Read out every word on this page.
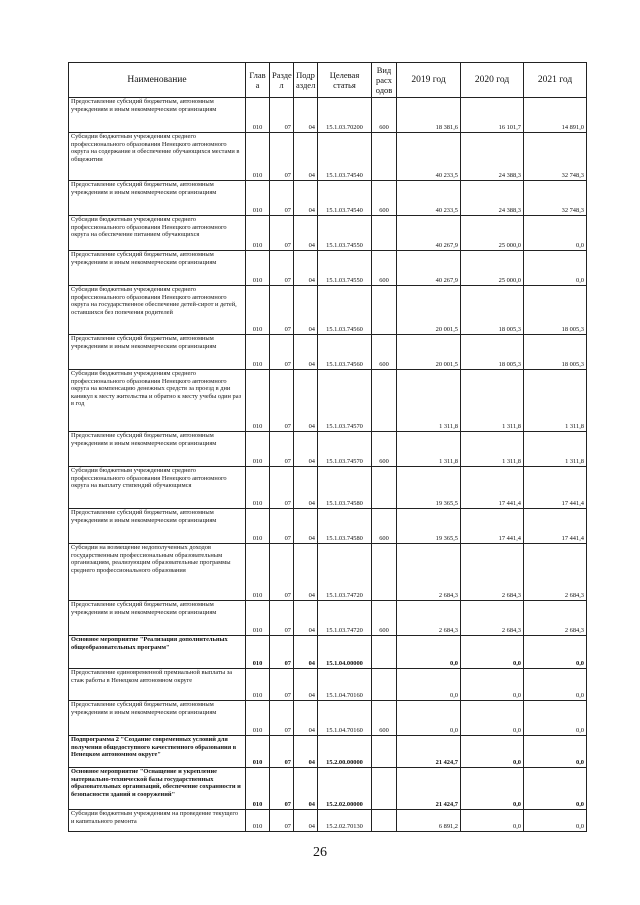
Наименование	Глав а	Разде л	Подр аздел	Целевая статья	Вид расх одов	2019 год	2020 год	2021 год
Предоставление субсидий бюджетным, автономным учреждениям и иным некоммерческим организациям	010	07	04	15.1.03.70200	600	18 381,6	16 101,7	14 891,0
Субсидии бюджетным учреждениям среднего профессионального образования Ненецкого автономного округа на содержание и обеспечение обучающихся местами в общежитии	010	07	04	15.1.03.74540		40 233,5	24 388,3	32 748,3
Предоставление субсидий бюджетным, автономным учреждениям и иным некоммерческим организациям	010	07	04	15.1.03.74540	600	40 233,5	24 388,3	32 748,3
Субсидии бюджетным учреждениям среднего профессионального образования Ненецкого автономного округа на обеспечение питанием обучающихся	010	07	04	15.1.03.74550		40 267,9	25 000,0	0,0
Предоставление субсидий бюджетным, автономным учреждениям и иным некоммерческим организациям	010	07	04	15.1.03.74550	600	40 267,9	25 000,0	0,0
Субсидии бюджетным учреждениям среднего профессионального образования Ненецкого автономного округа на государственное обеспечение детей-сирот и детей, оставшихся без попечения родителей	010	07	04	15.1.03.74560		20 001,5	18 005,3	18 005,3
Предоставление субсидий бюджетным, автономным учреждениям и иным некоммерческим организациям	010	07	04	15.1.03.74560	600	20 001,5	18 005,3	18 005,3
Субсидии бюджетным учреждениям среднего профессионального образования Ненецкого автономного округа на компенсацию денежных средств за проезд в дни каникул к месту жительства и обратно к месту учебы один раз в год	010	07	04	15.1.03.74570		1 311,8	1 311,8	1 311,8
Предоставление субсидий бюджетным, автономным учреждениям и иным некоммерческим организациям	010	07	04	15.1.03.74570	600	1 311,8	1 311,8	1 311,8
Субсидии бюджетным учреждениям среднего профессионального образования Ненецкого автономного округа на выплату стипендий обучающимся	010	07	04	15.1.03.74580		19 365,5	17 441,4	17 441,4
Предоставление субсидий бюджетным, автономным учреждениям и иным некоммерческим организациям	010	07	04	15.1.03.74580	600	19 365,5	17 441,4	17 441,4
Субсидии на возмещение недополученных доходов государственным профессиональным образовательным организациям, реализующим образовательные программы среднего профессионального образования	010	07	04	15.1.03.74720		2 684,3	2 684,3	2 684,3
Предоставление субсидий бюджетным, автономным учреждениям и иным некоммерческим организациям	010	07	04	15.1.03.74720	600	2 684,3	2 684,3	2 684,3
Основное мероприятие "Реализация дополнительных общеобразовательных программ"	010	07	04	15.1.04.00000		0,0	0,0	0,0
Предоставление единовременной премиальной выплаты за стаж работы в Ненецком автономном округе	010	07	04	15.1.04.70160		0,0	0,0	0,0
Предоставление субсидий бюджетным, автономным учреждениям и иным некоммерческим организациям	010	07	04	15.1.04.70160	600	0,0	0,0	0,0
Подпрограмма 2 "Создание современных условий для получения общедоступного качественного образования в Ненецком автономном округе"	010	07	04	15.2.00.00000		21 424,7	0,0	0,0
Основное мероприятие "Оснащение и укрепление материально-технической базы государственных образовательных организаций, обеспечение сохранности и безопасности зданий и сооружений"	010	07	04	15.2.02.00000		21 424,7	0,0	0,0
Субсидии бюджетным учреждениям на проведение текущего и капитального ремонта	010	07	04	15.2.02.70130		6 891,2	0,0	0,0
26
